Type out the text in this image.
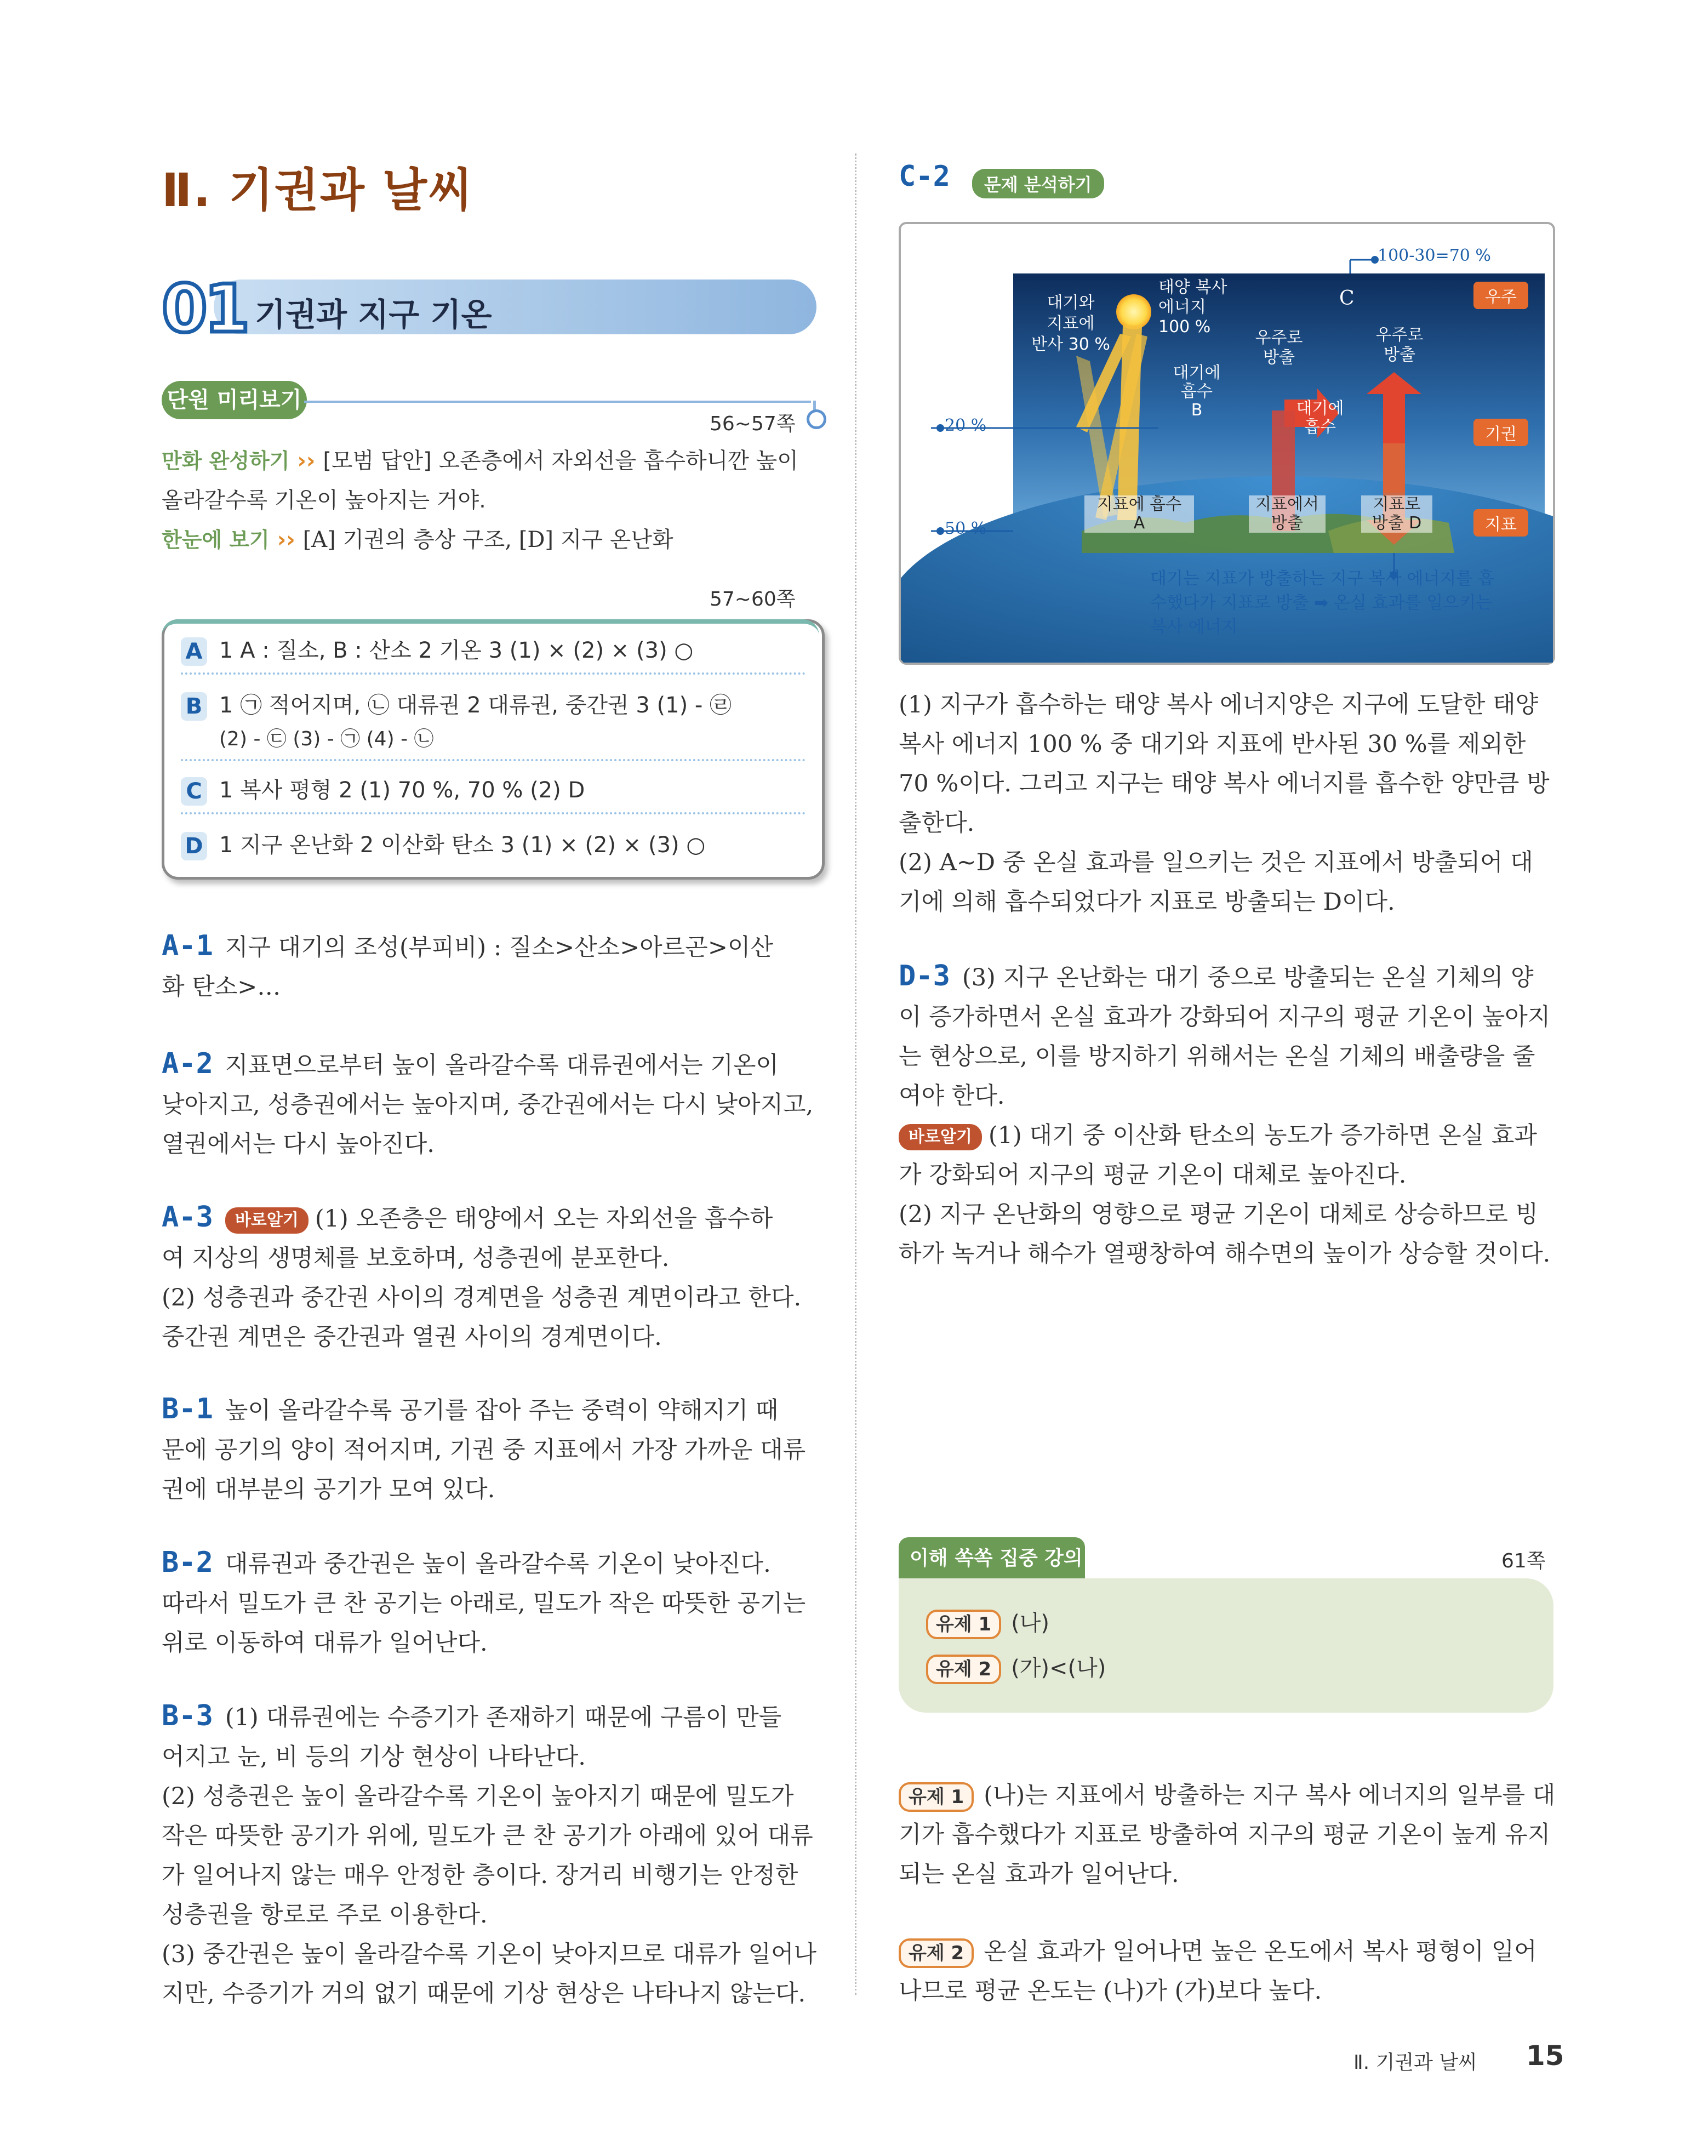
Ⅱ. 기권과 날씨
01 기권과 지구 기온
단원 미리보기
56~57쪽
만화 완성하기 ›› [모범 답안] 오존층에서 자외선을 흡수하니깐 높이
올라갈수록 기온이 높아지는 거야.
한눈에 보기 ›› [A] 기권의 층상 구조, [D] 지구 온난화
57~60쪽
A 1 A : 질소, B : 산소 2 기온 3 (1) × (2) × (3) ○
B 1 ㉠ 적어지며, ㉡ 대류권 2 대류권, 중간권 3 (1) - ㉣
(2) - ㉢ (3) - ㉠ (4) - ㉡
C 1 복사 평형 2 (1) 70 %, 70 % (2) D
D 1 지구 온난화 2 이산화 탄소 3 (1) × (2) × (3) ○
A-1 지구 대기의 조성(부피비) : 질소>산소>아르곤>이산
화 탄소>…
A-2 지표면으로부터 높이 올라갈수록 대류권에서는 기온이
낮아지고, 성층권에서는 높아지며, 중간권에서는 다시 낮아지고,
열권에서는 다시 높아진다.
A-3 바로알기 (1) 오존층은 태양에서 오는 자외선을 흡수하
여 지상의 생명체를 보호하며, 성층권에 분포한다.
(2) 성층권과 중간권 사이의 경계면을 성층권 계면이라고 한다.
중간권 계면은 중간권과 열권 사이의 경계면이다.
B-1 높이 올라갈수록 공기를 잡아 주는 중력이 약해지기 때
문에 공기의 양이 적어지며, 기권 중 지표에서 가장 가까운 대류
권에 대부분의 공기가 모여 있다.
B-2 대류권과 중간권은 높이 올라갈수록 기온이 낮아진다.
따라서 밀도가 큰 찬 공기는 아래로, 밀도가 작은 따뜻한 공기는
위로 이동하여 대류가 일어난다.
B-3 (1) 대류권에는 수증기가 존재하기 때문에 구름이 만들
어지고 눈, 비 등의 기상 현상이 나타난다.
(2) 성층권은 높이 올라갈수록 기온이 높아지기 때문에 밀도가
작은 따뜻한 공기가 위에, 밀도가 큰 찬 공기가 아래에 있어 대류
가 일어나지 않는 매우 안정한 층이다. 장거리 비행기는 안정한
성층권을 항로로 주로 이용한다.
(3) 중간권은 높이 올라갈수록 기온이 낮아지므로 대류가 일어나
지만, 수증기가 거의 없기 때문에 기상 현상은 나타나지 않는다.
C-2 문제 분석하기
100-30=70 %
대기와
지표에
반사 30 %
태양 복사
에너지
100 %
C	우주
우주로
방출
우주로
방출
대기에
흡수
B	대기에
흡수	기권
20 %
50 %
지표에 흡수
A
지표에서
방출
지표로
방출 D	지표
대기는 지표가 방출하는 지구 복사 에너지를 흡
수했다가 지표로 방출 ➡ 온실 효과를 일으키는
복사 에너지
(1) 지구가 흡수하는 태양 복사 에너지양은 지구에 도달한 태양
복사 에너지 100 % 중 대기와 지표에 반사된 30 %를 제외한
70 %이다. 그리고 지구는 태양 복사 에너지를 흡수한 양만큼 방
출한다.
(2) A~D 중 온실 효과를 일으키는 것은 지표에서 방출되어 대
기에 의해 흡수되었다가 지표로 방출되는 D이다.
D-3 (3) 지구 온난화는 대기 중으로 방출되는 온실 기체의 양
이 증가하면서 온실 효과가 강화되어 지구의 평균 기온이 높아지
는 현상으로, 이를 방지하기 위해서는 온실 기체의 배출량을 줄
여야 한다.
바로알기 (1) 대기 중 이산화 탄소의 농도가 증가하면 온실 효과
가 강화되어 지구의 평균 기온이 대체로 높아진다.
(2) 지구 온난화의 영향으로 평균 기온이 대체로 상승하므로 빙
하가 녹거나 해수가 열팽창하여 해수면의 높이가 상승할 것이다.
이해 쏙쏙 집중 강의	61쪽
유제 1 (나)
유제 2 (가)<(나)
유제 1 (나)는 지표에서 방출하는 지구 복사 에너지의 일부를 대
기가 흡수했다가 지표로 방출하여 지구의 평균 기온이 높게 유지
되는 온실 효과가 일어난다.
유제 2 온실 효과가 일어나면 높은 온도에서 복사 평형이 일어
나므로 평균 온도는 (나)가 (가)보다 높다.
Ⅱ. 기권과 날씨 15
